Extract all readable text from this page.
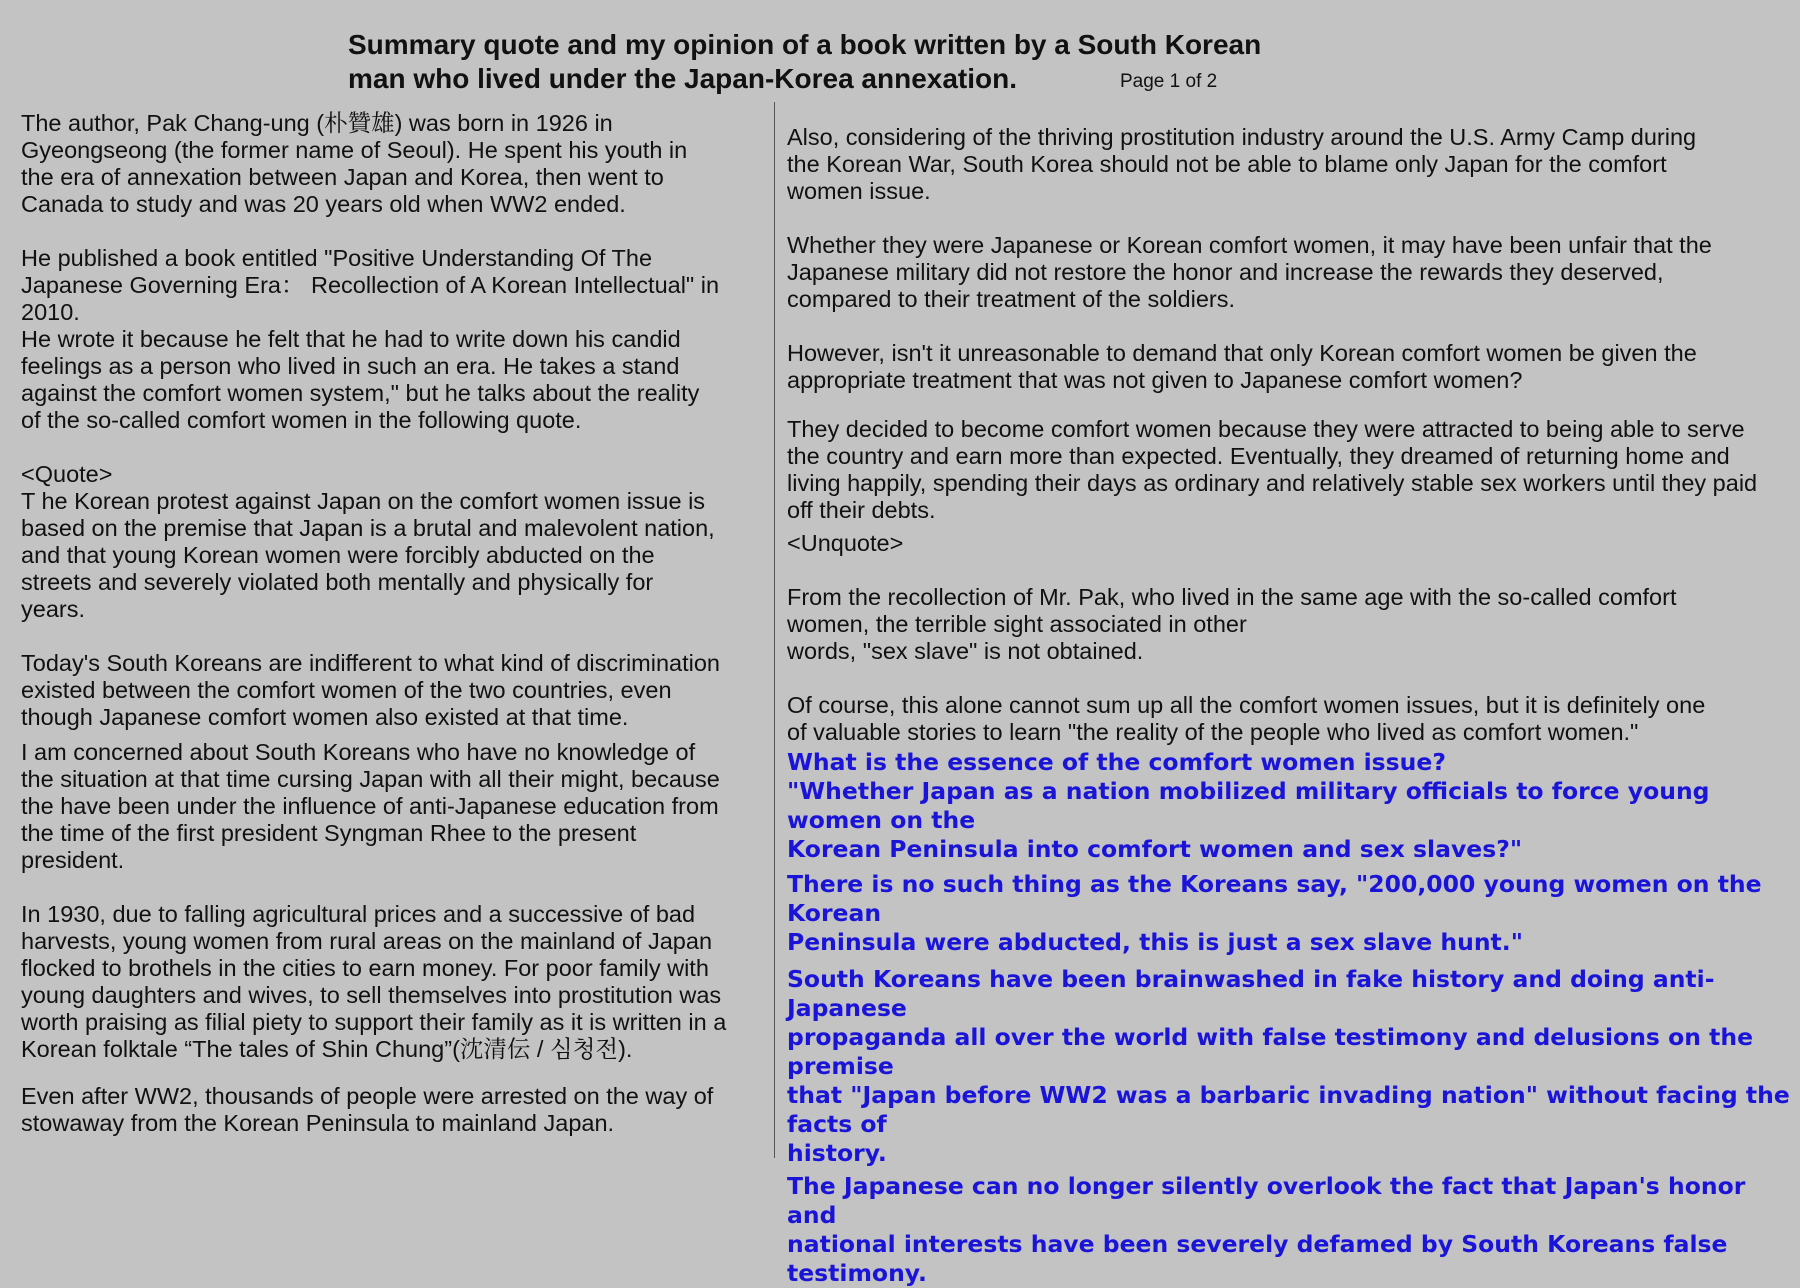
Summary quote and my opinion of a book written by a South Korean
man who lived under the Japan-Korea annexation.	Page 1 of 2

The author, Pak Chang-ung (朴贊雄) was born in 1926 in
Gyeongseong (the former name of Seoul). He spent his youth in
the era of annexation between Japan and Korea, then went to
Canada to study and was 20 years old when WW2 ended.

He published a book entitled "Positive Understanding Of The
Japanese Governing Era： Recollection of A Korean Intellectual" in
2010.

He wrote it because he felt that he had to write down his candid
feelings as a person who lived in such an era. He takes a stand
against the comfort women system," but he talks about the reality
of the so-called comfort women in the following quote.

<Quote>

T he Korean protest against Japan on the comfort women issue is
based on the premise that Japan is a brutal and malevolent nation,
and that young Korean women were forcibly abducted on the
streets and severely violated both mentally and physically for
years.

Today's South Koreans are indifferent to what kind of discrimination
existed between the comfort women of the two countries, even
though Japanese comfort women also existed at that time.

I am concerned about South Koreans who have no knowledge of
the situation at that time cursing Japan with all their might, because
the have been under the influence of anti-Japanese education from
the time of the first president Syngman Rhee to the present
president.

In 1930, due to falling agricultural prices and a successive of bad
harvests, young women from rural areas on the mainland of Japan
flocked to brothels in the cities to earn money. For poor family with
young daughters and wives, to sell themselves into prostitution was
worth praising as filial piety to support their family as it is written in a
Korean folktale “The tales of Shin Chung”(沈清伝 / 심청전).

Even after WW2, thousands of people were arrested on the way of
stowaway from the Korean Peninsula to mainland Japan.

Also, considering of the thriving prostitution industry around the U.S. Army Camp during
the Korean War, South Korea should not be able to blame only Japan for the comfort
women issue.

Whether they were Japanese or Korean comfort women, it may have been unfair that the
Japanese military did not restore the honor and increase the rewards they deserved,
compared to their treatment of the soldiers.

However, isn't it unreasonable to demand that only Korean comfort women be given the
appropriate treatment that was not given to Japanese comfort women?

They decided to become comfort women because they were attracted to being able to serve
the country and earn more than expected. Eventually, they dreamed of returning home and
living happily, spending their days as ordinary and relatively stable sex workers until they paid
off their debts.

<Unquote>

From the recollection of Mr. Pak, who lived in the same age with the so-called comfort
women, the terrible sight associated in other
words, "sex slave" is not obtained.

Of course, this alone cannot sum up all the comfort women issues, but it is definitely one
of valuable stories to learn "the reality of the people who lived as comfort women."

What is the essence of the comfort women issue?
"Whether Japan as a nation mobilized military officials to force young women on the
Korean Peninsula into comfort women and sex slaves?"

There is no such thing as the Koreans say, "200,000 young women on the Korean
Peninsula were abducted, this is just a sex slave hunt."

South Koreans have been brainwashed in fake history and doing anti-Japanese
propaganda all over the world with false testimony and delusions on the premise
that "Japan before WW2 was a barbaric invading nation" without facing the facts of
history.

The Japanese can no longer silently overlook the fact that Japan's honor and
national interests have been severely defamed by South Koreans false testimony.
